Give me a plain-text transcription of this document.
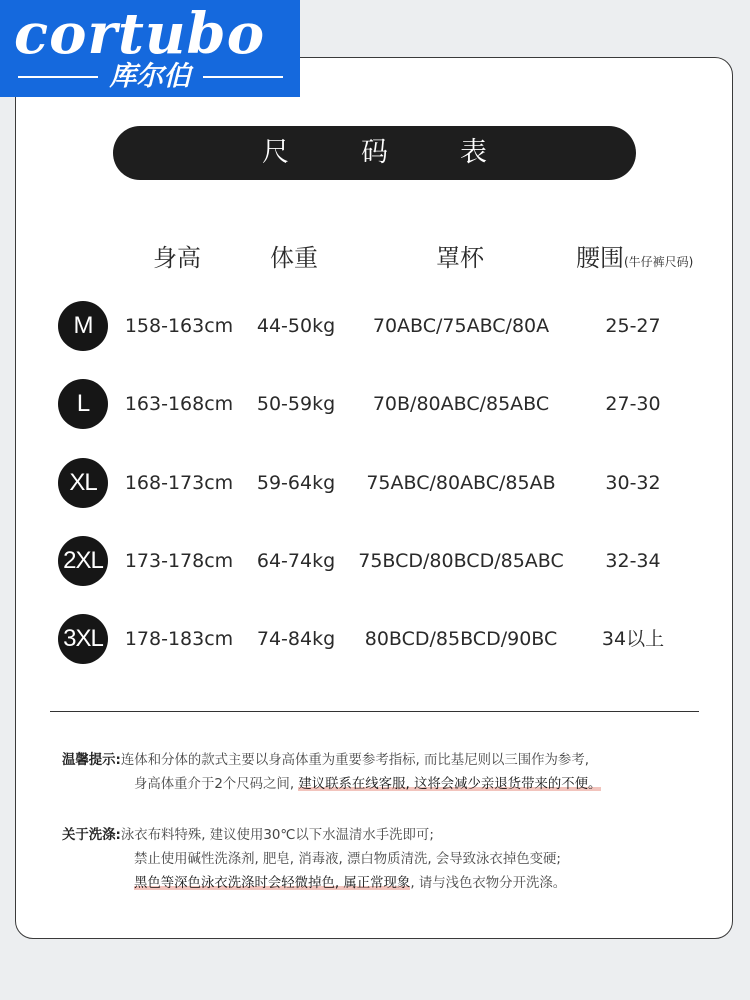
cortubo
库尔伯
尺码表
身高	体重	罩杯	腰围(牛仔裤尺码)
M	158-163cm	44-50kg	70ABC/75ABC/80A	25-27
L	163-168cm	50-59kg	70B/80ABC/85ABC	27-30
XL	168-173cm	59-64kg	75ABC/80ABC/85AB	30-32
2XL 173-178cm	64-74kg	75BCD/80BCD/85ABC	32-34
3XL 178-183cm	74-84kg	80BCD/85BCD/90BC	34以上
温馨提示:连体和分体的款式主要以身高体重为重要参考指标, 而比基尼则以三围作为参考,
身高体重介于2个尺码之间, 建议联系在线客服, 这将会减少亲退货带来的不便。
关于洗涤:泳衣布料特殊, 建议使用30℃以下水温清水手洗即可;
禁止使用碱性洗涤剂, 肥皂, 消毒液, 漂白物质清洗, 会导致泳衣掉色变硬;
黑色等深色泳衣洗涤时会轻微掉色, 属正常现象, 请与浅色衣物分开洗涤。
